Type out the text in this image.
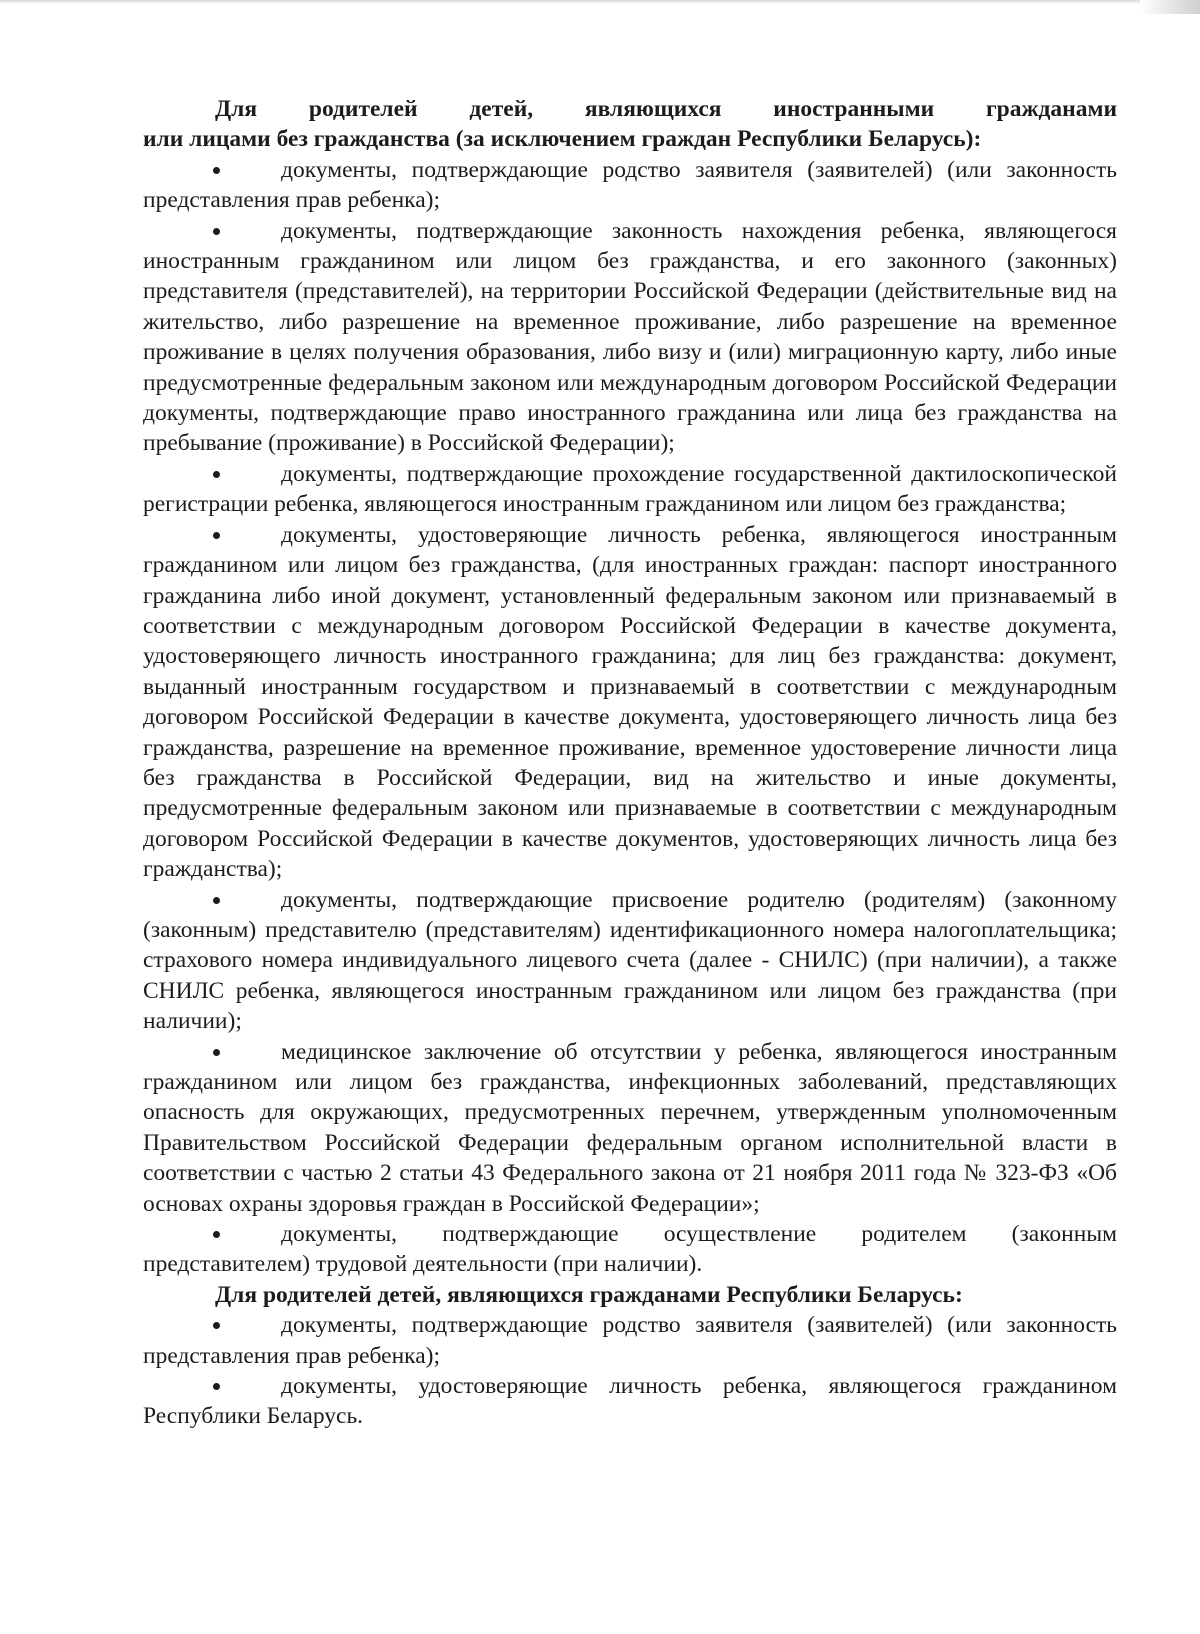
Для родителей детей, являющихся иностранными гражданами
или лицами без гражданства (за исключением граждан Республики Беларусь):

документы, подтверждающие родство заявителя (заявителей) (или законность представления прав ребенка);

документы, подтверждающие законность нахождения ребенка, являющегося иностранным гражданином или лицом без гражданства, и его законного (законных) представителя (представителей), на территории Российской Федерации (действительные вид на жительство, либо разрешение на временное проживание, либо разрешение на временное проживание в целях получения образования, либо визу и (или) миграционную карту, либо иные предусмотренные федеральным законом или международным договором Российской Федерации документы, подтверждающие право иностранного гражданина или лица без гражданства на пребывание (проживание) в Российской Федерации);

документы, подтверждающие прохождение государственной дактилоскопической регистрации ребенка, являющегося иностранным гражданином или лицом без гражданства;

документы, удостоверяющие личность ребенка, являющегося иностранным гражданином или лицом без гражданства, (для иностранных граждан: паспорт иностранного гражданина либо иной документ, установленный федеральным законом или признаваемый в соответствии с международным договором Российской Федерации в качестве документа, удостоверяющего личность иностранного гражданина; для лиц без гражданства: документ, выданный иностранным государством и признаваемый в соответствии с международным договором Российской Федерации в качестве документа, удостоверяющего личность лица без гражданства, разрешение на временное проживание, временное удостоверение личности лица без гражданства в Российской Федерации, вид на жительство и иные документы, предусмотренные федеральным законом или признаваемые в соответствии с международным договором Российской Федерации в качестве документов, удостоверяющих личность лица без гражданства);

документы, подтверждающие присвоение родителю (родителям) (законному (законным) представителю (представителям) идентификационного номера налогоплательщика; страхового номера индивидуального лицевого счета (далее - СНИЛС) (при наличии), а также СНИЛС ребенка, являющегося иностранным гражданином или лицом без гражданства (при наличии);

медицинское заключение об отсутствии у ребенка, являющегося иностранным гражданином или лицом без гражданства, инфекционных заболеваний, представляющих опасность для окружающих, предусмотренных перечнем, утвержденным уполномоченным Правительством Российской Федерации федеральным органом исполнительной власти в соответствии с частью 2 статьи 43 Федерального закона от 21 ноября 2011 года № 323-ФЗ «Об основах охраны здоровья граждан в Российской Федерации»;

документы, подтверждающие осуществление родителем (законным представителем) трудовой деятельности (при наличии).

Для родителей детей, являющихся гражданами Республики Беларусь:

документы, подтверждающие родство заявителя (заявителей) (или законность представления прав ребенка);

документы, удостоверяющие личность ребенка, являющегося гражданином Республики Беларусь.
